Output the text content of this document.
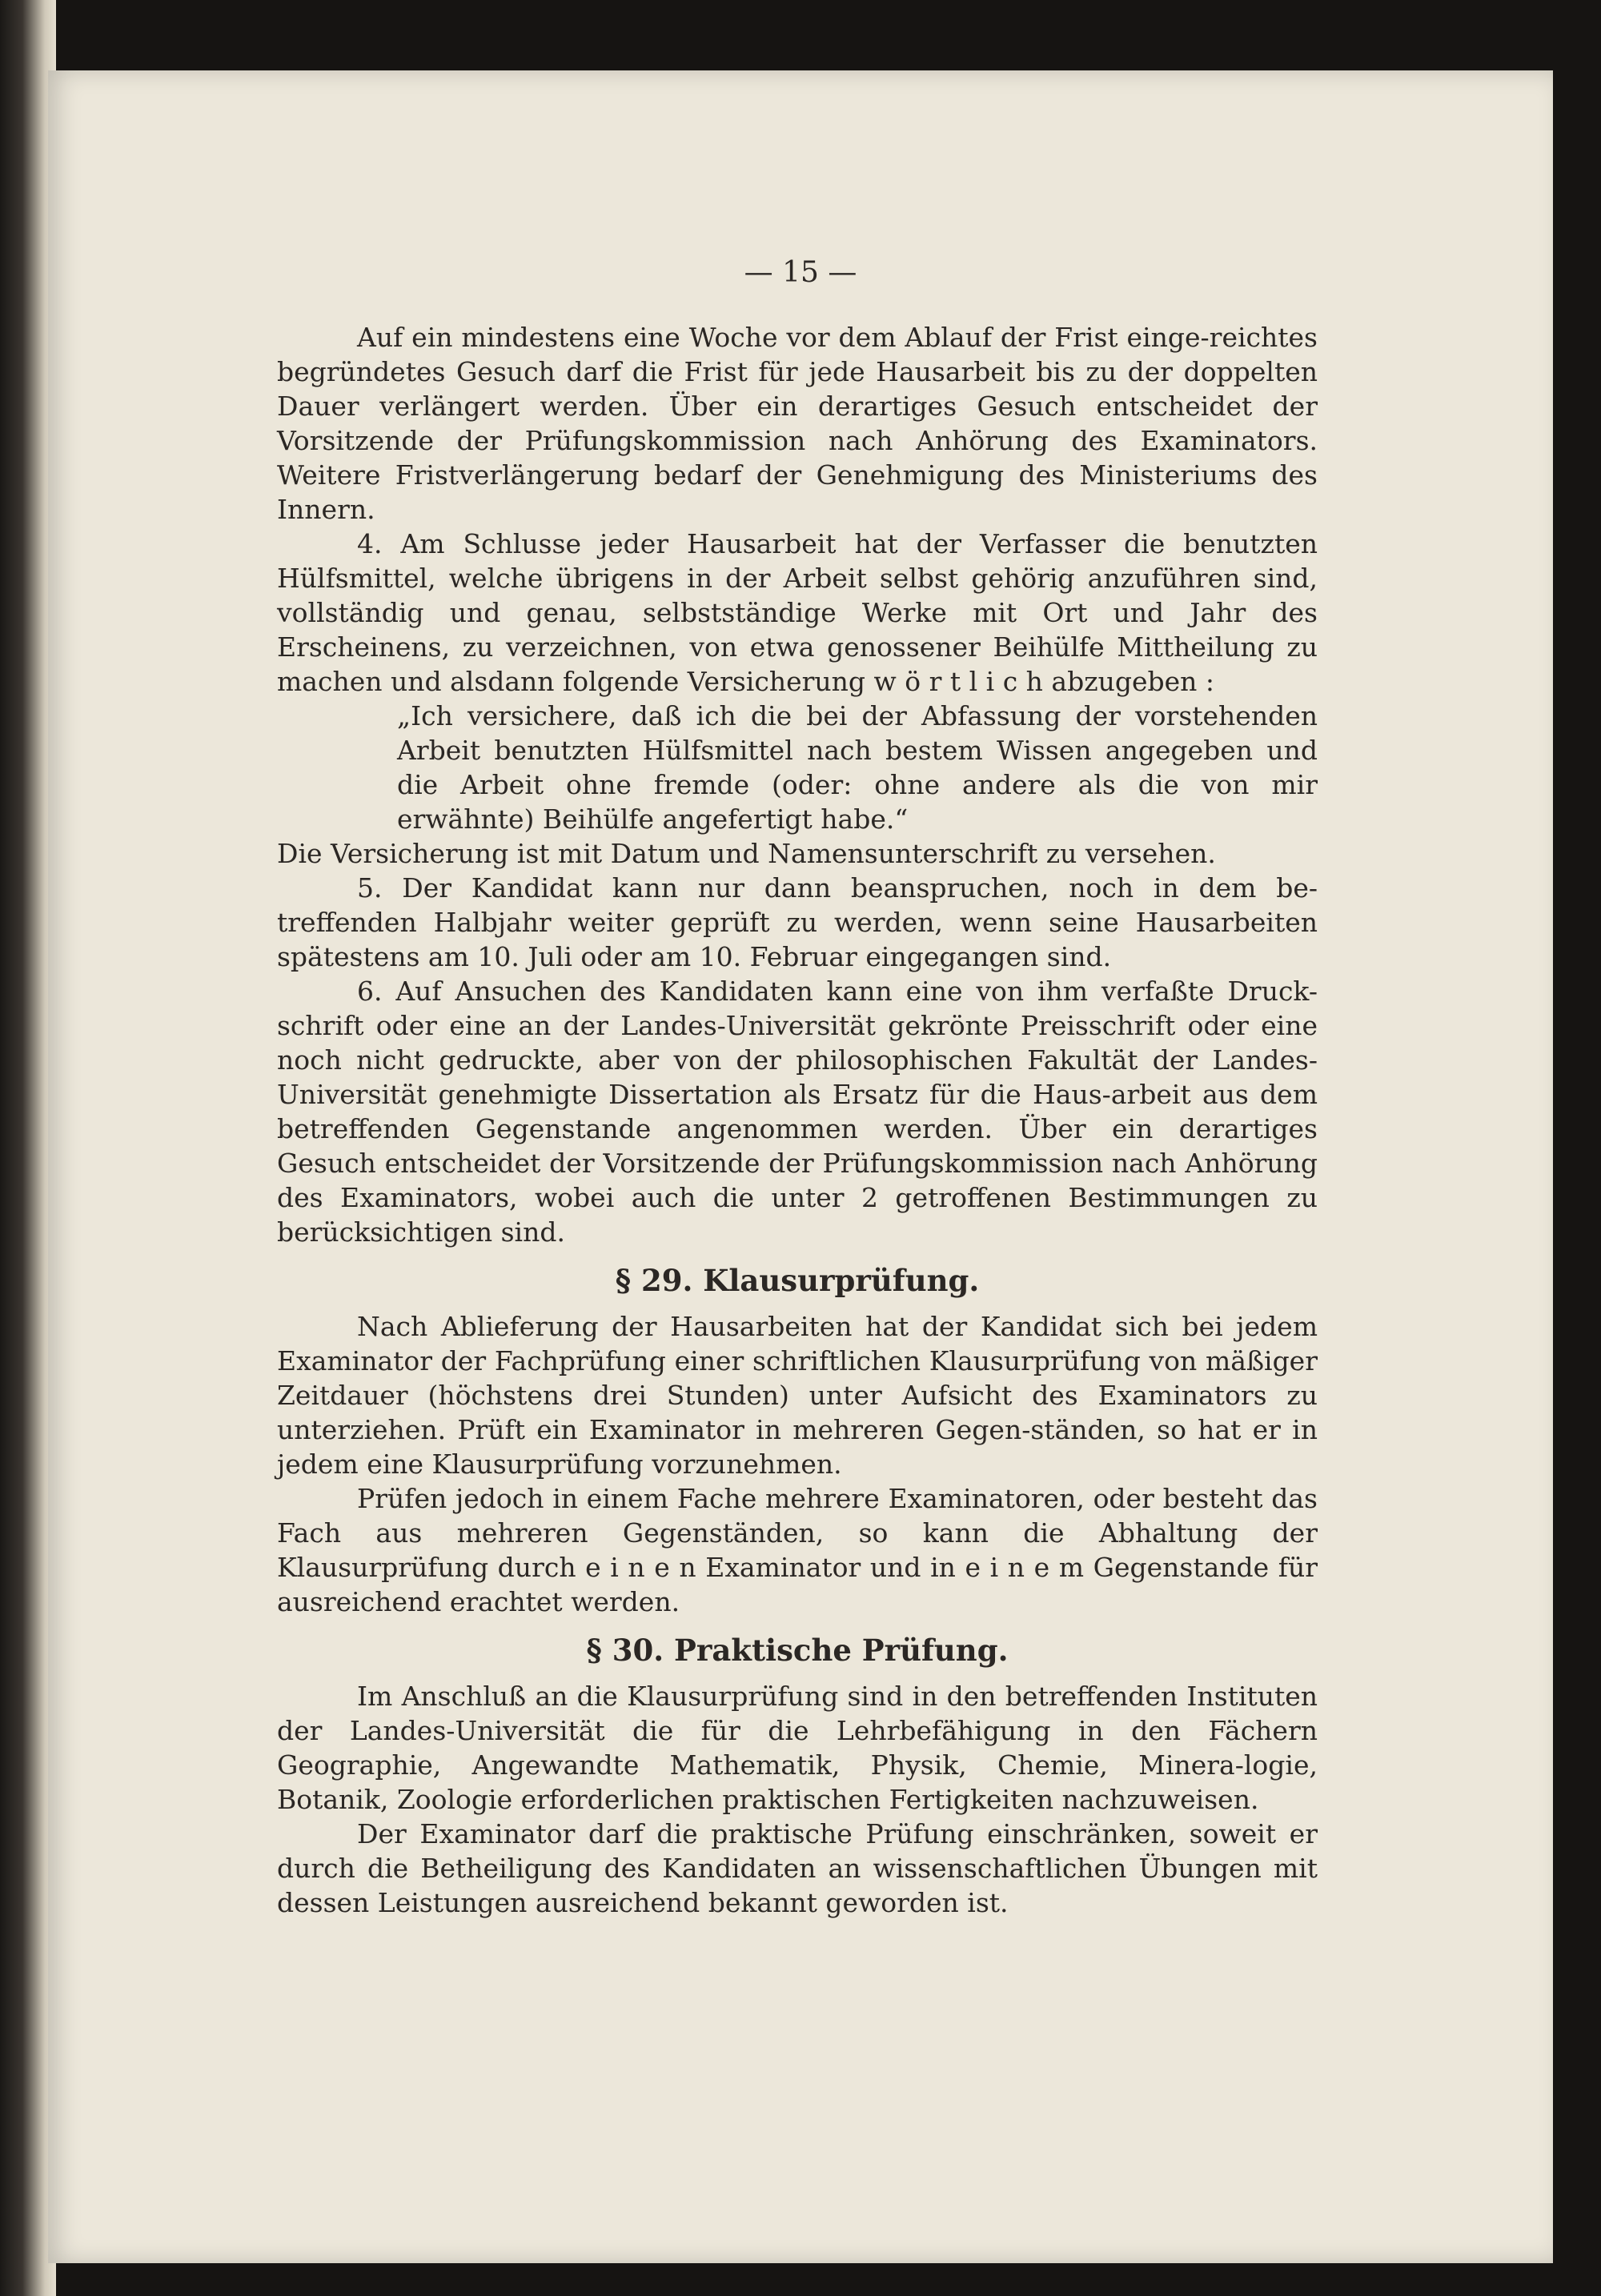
— 15 —

Auf ein mindestens eine Woche vor dem Ablauf der Frist einge-reichtes begründetes Gesuch darf die Frist für jede Hausarbeit bis zu der doppelten Dauer verlängert werden. Über ein derartiges Gesuch entscheidet der Vorsitzende der Prüfungskommission nach Anhörung des Examinators. Weitere Fristverlängerung bedarf der Genehmigung des Ministeriums des Innern.

4. Am Schlusse jeder Hausarbeit hat der Verfasser die benutzten Hülfsmittel, welche übrigens in der Arbeit selbst gehörig anzuführen sind, vollständig und genau, selbstständige Werke mit Ort und Jahr des Erscheinens, zu verzeichnen, von etwa genossener Beihülfe Mittheilung zu machen und alsdann folgende Versicherung w ö r t l i c h abzugeben :

„Ich versichere, daß ich die bei der Abfassung der vorstehenden Arbeit benutzten Hülfsmittel nach bestem Wissen angegeben und die Arbeit ohne fremde (oder: ohne andere als die von mir erwähnte) Beihülfe angefertigt habe.“

Die Versicherung ist mit Datum und Namensunterschrift zu versehen.

5. Der Kandidat kann nur dann beanspruchen, noch in dem be-treffenden Halbjahr weiter geprüft zu werden, wenn seine Hausarbeiten spätestens am 10. Juli oder am 10. Februar eingegangen sind.

6. Auf Ansuchen des Kandidaten kann eine von ihm verfaßte Druck-schrift oder eine an der Landes-Universität gekrönte Preisschrift oder eine noch nicht gedruckte, aber von der philosophischen Fakultät der Landes-Universität genehmigte Dissertation als Ersatz für die Haus-arbeit aus dem betreffenden Gegenstande angenommen werden. Über ein derartiges Gesuch entscheidet der Vorsitzende der Prüfungskommission nach Anhörung des Examinators, wobei auch die unter 2 getroffenen Bestimmungen zu berücksichtigen sind.

§ 29. Klausurprüfung.

Nach Ablieferung der Hausarbeiten hat der Kandidat sich bei jedem Examinator der Fachprüfung einer schriftlichen Klausurprüfung von mäßiger Zeitdauer (höchstens drei Stunden) unter Aufsicht des Examinators zu unterziehen. Prüft ein Examinator in mehreren Gegen-ständen, so hat er in jedem eine Klausurprüfung vorzunehmen.

Prüfen jedoch in einem Fache mehrere Examinatoren, oder besteht das Fach aus mehreren Gegenständen, so kann die Abhaltung der Klausurprüfung durch e i n e n Examinator und in e i n e m Gegenstande für ausreichend erachtet werden.

§ 30. Praktische Prüfung.

Im Anschluß an die Klausurprüfung sind in den betreffenden Instituten der Landes-Universität die für die Lehrbefähigung in den Fächern Geographie, Angewandte Mathematik, Physik, Chemie, Minera-logie, Botanik, Zoologie erforderlichen praktischen Fertigkeiten nachzuweisen.

Der Examinator darf die praktische Prüfung einschränken, soweit er durch die Betheiligung des Kandidaten an wissenschaftlichen Übungen mit dessen Leistungen ausreichend bekannt geworden ist.
